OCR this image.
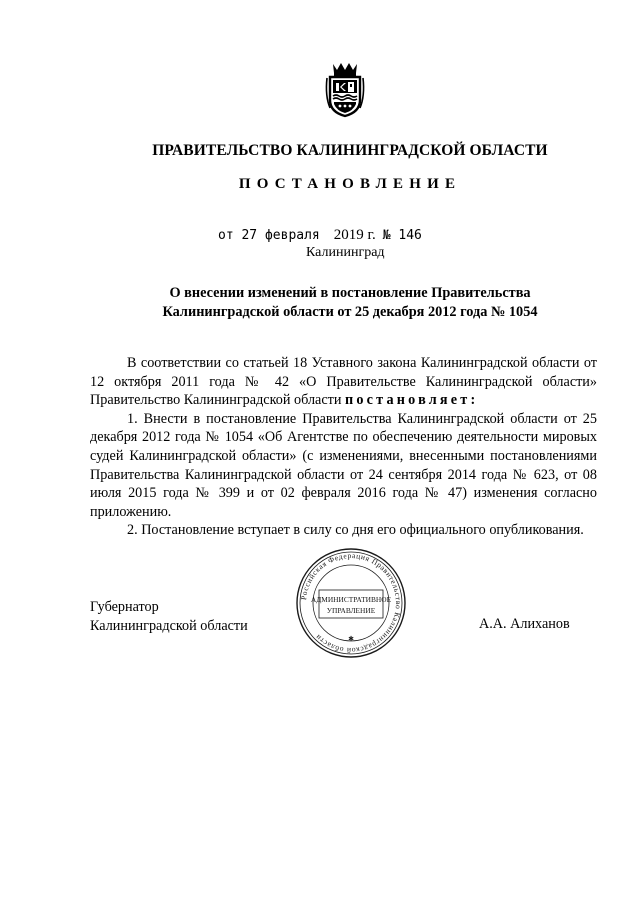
ПРАВИТЕЛЬСТВО КАЛИНИНГРАДСКОЙ ОБЛАСТИ
ПОСТАНОВЛЕНИЕ
от 27 февраля 2019 г. № 146
Калининград
О внесении изменений в постановление Правительства
Калининградской области от 25 декабря 2012 года № 1054

В соответствии со статьей 18 Уставного закона Калининградской области от 12 октября 2011 года № 42 «О Правительстве Калининградской области» Правительство Калининградской области постановляет:

1. Внести в постановление Правительства Калининградской области от 25 декабря 2012 года № 1054 «Об Агентстве по обеспечению деятельности мировых судей Калининградской области» (с изменениями, внесенными постановлениями Правительства Калининградской области от 24 сентября 2014 года № 623, от 08 июля 2015 года № 399 и от 02 февраля 2016 года № 47) изменения согласно приложению.

2. Постановление вступает в силу со дня его официального опубликования.

Губернатор
Калининградской области	А.А. Алиханов
Российская Федерация Правительство Калининградской области
АДМИНИСТРАТИВНОЕ
УПРАВЛЕНИЕ
✱
